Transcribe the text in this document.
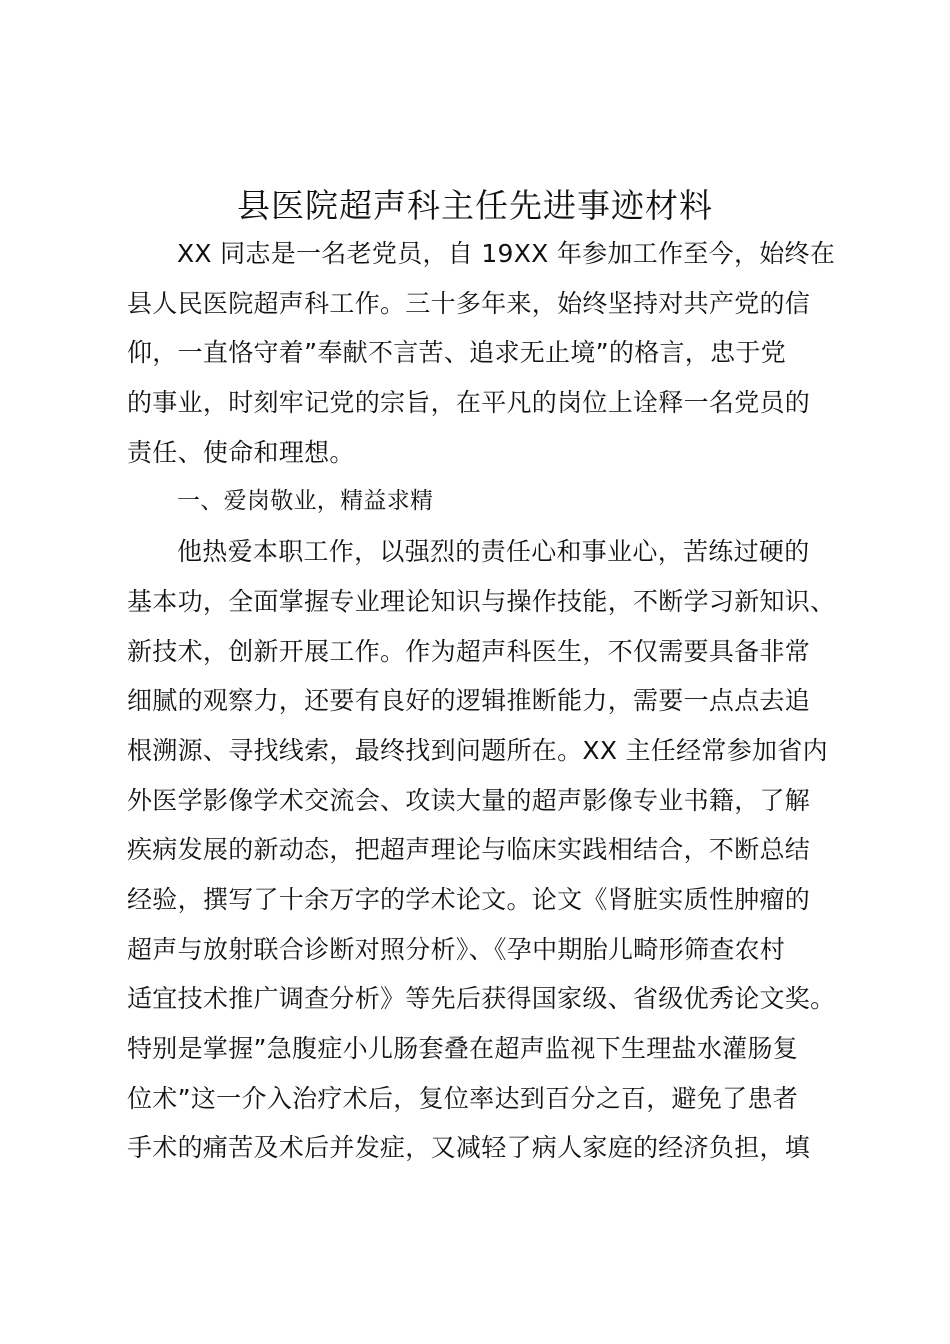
县医院超声科主任先进事迹材料
XX 同志是一名老党员，自 19XX 年参加工作至今，始终在
县人民医院超声科工作。三十多年来，始终坚持对共产党的信
仰，一直恪守着”奉献不言苦、追求无止境”的格言，忠于党
的事业，时刻牢记党的宗旨，在平凡的岗位上诠释一名党员的
责任、使命和理想。
一、爱岗敬业，精益求精
他热爱本职工作，以强烈的责任心和事业心，苦练过硬的
基本功，全面掌握专业理论知识与操作技能，不断学习新知识、
新技术，创新开展工作。作为超声科医生，不仅需要具备非常
细腻的观察力，还要有良好的逻辑推断能力，需要一点点去追
根溯源、寻找线索，最终找到问题所在。XX 主任经常参加省内
外医学影像学术交流会、攻读大量的超声影像专业书籍，了解
疾病发展的新动态，把超声理论与临床实践相结合，不断总结
经验，撰写了十余万字的学术论文。论文《肾脏实质性肿瘤的
超声与放射联合诊断对照分析》、《孕中期胎儿畸形筛查农村
适宜技术推广调查分析》等先后获得国家级、省级优秀论文奖。
特别是掌握”急腹症小儿肠套叠在超声监视下生理盐水灌肠复
位术”这一介入治疗术后，复位率达到百分之百，避免了患者
手术的痛苦及术后并发症，又减轻了病人家庭的经济负担，填
